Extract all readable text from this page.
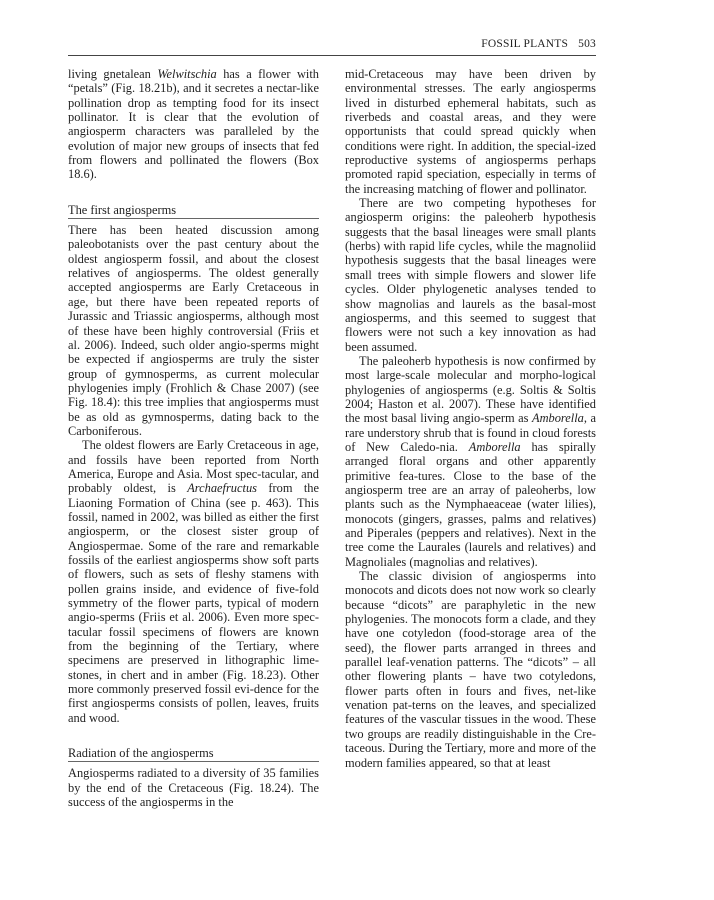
FOSSIL PLANTS 503

living gnetalean Welwitschia has a flower with “petals” (Fig. 18.21b), and it secretes a nectar-like pollination drop as tempting food for its insect pollinator. It is clear that the evolution of angiosperm characters was paralleled by the evolution of major new groups of insects that fed from flowers and pollinated the flowers (Box 18.6).

The first angiosperms

There has been heated discussion among paleobotanists over the past century about the oldest angiosperm fossil, and about the closest relatives of angiosperms. The oldest generally accepted angiosperms are Early Cretaceous in age, but there have been repeated reports of Jurassic and Triassic angiosperms, although most of these have been highly controversial (Friis et al. 2006). Indeed, such older angio-sperms might be expected if angiosperms are truly the sister group of gymnosperms, as current molecular phylogenies imply (Frohlich & Chase 2007) (see Fig. 18.4): this tree implies that angiosperms must be as old as gymnosperms, dating back to the Carboniferous.

The oldest flowers are Early Cretaceous in age, and fossils have been reported from North America, Europe and Asia. Most spec-tacular, and probably oldest, is Archaefructus from the Liaoning Formation of China (see p. 463). This fossil, named in 2002, was billed as either the first angiosperm, or the closest sister group of Angiospermae. Some of the rare and remarkable fossils of the earliest angiosperms show soft parts of flowers, such as sets of fleshy stamens with pollen grains inside, and evidence of five-fold symmetry of the flower parts, typical of modern angio-sperms (Friis et al. 2006). Even more spec-tacular fossil specimens of flowers are known from the beginning of the Tertiary, where specimens are preserved in lithographic lime-stones, in chert and in amber (Fig. 18.23). Other more commonly preserved fossil evi-dence for the first angiosperms consists of pollen, leaves, fruits and wood.

Radiation of the angiosperms

Angiosperms radiated to a diversity of 35 families by the end of the Cretaceous (Fig. 18.24). The success of the angiosperms in the

mid-Cretaceous may have been driven by environmental stresses. The early angiosperms lived in disturbed ephemeral habitats, such as riverbeds and coastal areas, and they were opportunists that could spread quickly when conditions were right. In addition, the special-ized reproductive systems of angiosperms perhaps promoted rapid speciation, especially in terms of the increasing matching of flower and pollinator.

There are two competing hypotheses for angiosperm origins: the paleoherb hypothesis suggests that the basal lineages were small plants (herbs) with rapid life cycles, while the magnoliid hypothesis suggests that the basal lineages were small trees with simple flowers and slower life cycles. Older phylogenetic analyses tended to show magnolias and laurels as the basal-most angiosperms, and this seemed to suggest that flowers were not such a key innovation as had been assumed.

The paleoherb hypothesis is now confirmed by most large-scale molecular and morpho-logical phylogenies of angiosperms (e.g. Soltis & Soltis 2004; Haston et al. 2007). These have identified the most basal living angio-sperm as Amborella, a rare understory shrub that is found in cloud forests of New Caledo-nia. Amborella has spirally arranged floral organs and other apparently primitive fea-tures. Close to the base of the angiosperm tree are an array of paleoherbs, low plants such as the Nymphaeaceae (water lilies), monocots (gingers, grasses, palms and relatives) and Piperales (peppers and relatives). Next in the tree come the Laurales (laurels and relatives) and Magnoliales (magnolias and relatives).

The classic division of angiosperms into monocots and dicots does not now work so clearly because “dicots” are paraphyletic in the new phylogenies. The monocots form a clade, and they have one cotyledon (food-storage area of the seed), the flower parts arranged in threes and parallel leaf-venation patterns. The “dicots” – all other flowering plants – have two cotyledons, flower parts often in fours and fives, net-like venation pat-terns on the leaves, and specialized features of the vascular tissues in the wood. These two groups are readily distinguishable in the Cre-taceous. During the Tertiary, more and more of the modern families appeared, so that at least
